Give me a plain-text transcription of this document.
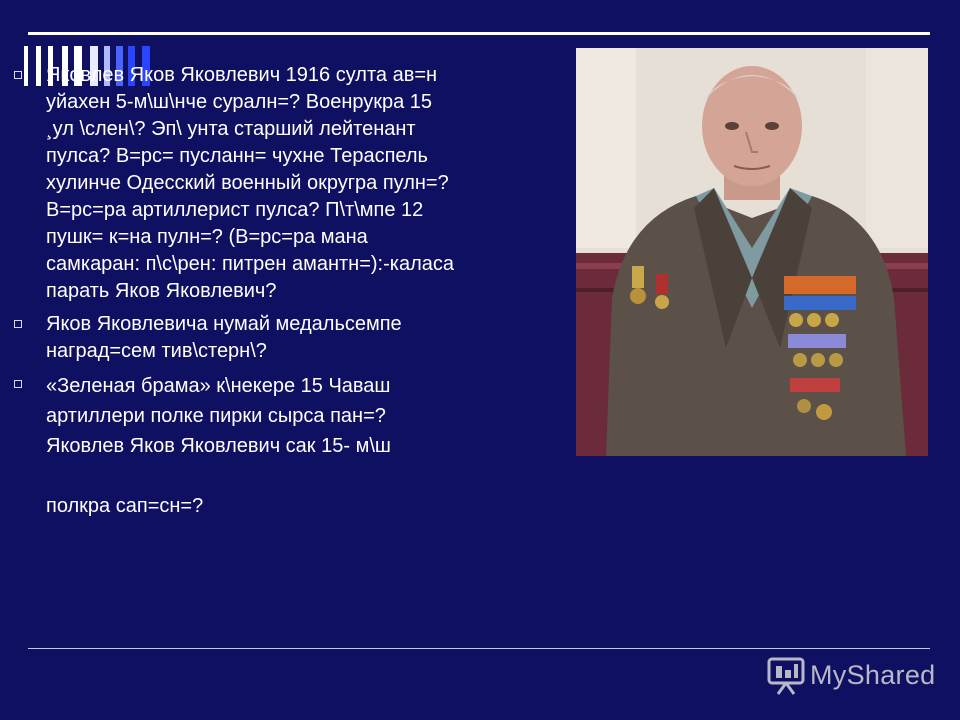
Яковлев Яков Яковлевич 1916 султа ав=н
уйахен 5-м\ш\нче суралн=? Военрукра 15
¸ул \слен\? Эп\ унта старший лейтенант
пулса? В=рс= пусланн= чухне Тераспель
хулинче Одесский военный округра пулн=?
В=рс=ра артиллерист пулса? П\т\мпе 12
пушк= к=на пулн=? (В=рс=ра мана
самкаран: п\с\рен: питрен амантн=):-каласа
парать Яков Яковлевич?
Яков Яковлевича нумай медальсемпе
наград=сем тив\стерн\?
«Зеленая брама» к\некере 15 Чаваш
артиллери полке пирки сырса пан=?
Яковлев Яков Яковлевич сак 15- м\ш

полкра сап=сн=?
MyShared
